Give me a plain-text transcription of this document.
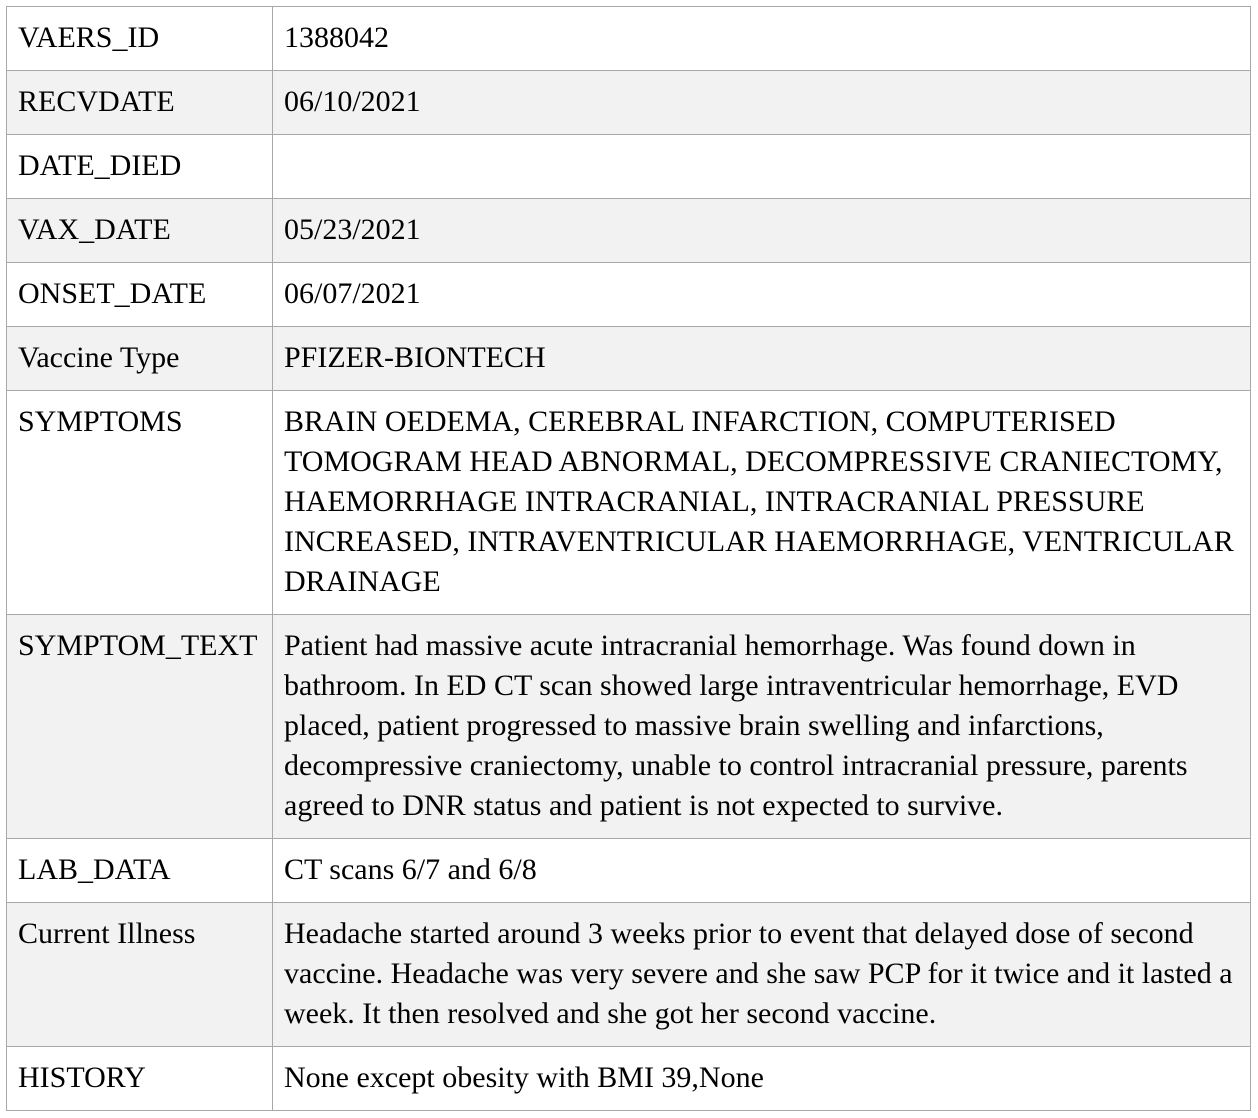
VAERS_ID	1388042
RECVDATE	06/10/2021
DATE_DIED	
VAX_DATE	05/23/2021
ONSET_DATE	06/07/2021
Vaccine Type	PFIZER-BIONTECH
SYMPTOMS	BRAIN OEDEMA, CEREBRAL INFARCTION, COMPUTERISED TOMOGRAM HEAD ABNORMAL, DECOMPRESSIVE CRANIECTOMY, HAEMORRHAGE INTRACRANIAL, INTRACRANIAL PRESSURE INCREASED, INTRAVENTRICULAR HAEMORRHAGE, VENTRICULAR DRAINAGE
SYMPTOM_TEXT	Patient had massive acute intracranial hemorrhage. Was found down in bathroom. In ED CT scan showed large intraventricular hemorrhage, EVD placed, patient progressed to massive brain swelling and infarctions, decompressive craniectomy, unable to control intracranial pressure, parents agreed to DNR status and patient is not expected to survive.
LAB_DATA	CT scans 6/7 and 6/8
Current Illness	Headache started around 3 weeks prior to event that delayed dose of second vaccine. Headache was very severe and she saw PCP for it twice and it lasted a week. It then resolved and she got her second vaccine.
HISTORY	None except obesity with BMI 39,None
